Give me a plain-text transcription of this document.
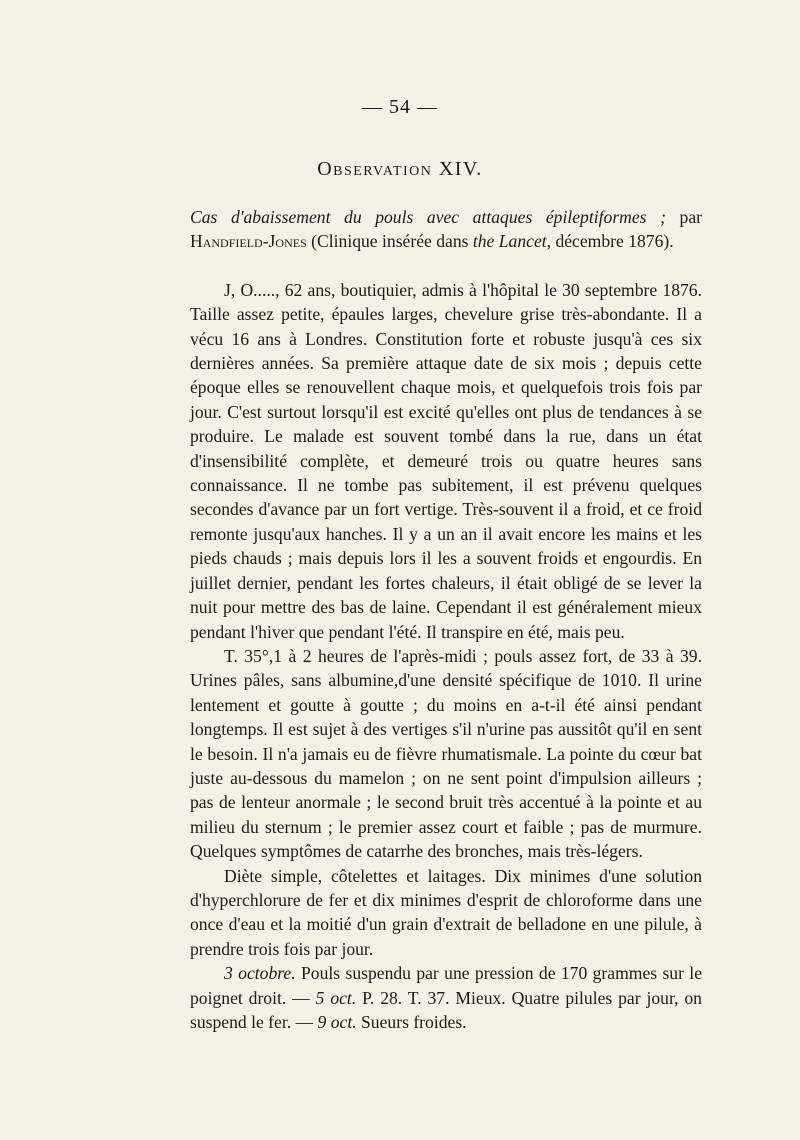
— 54 —
Observation XIV.

Cas d'abaissement du pouls avec attaques épileptiformes ; par Handfield-Jones (Clinique insérée dans the Lancet, décembre 1876).

J, O....., 62 ans, boutiquier, admis à l'hôpital le 30 septembre 1876. Taille assez petite, épaules larges, chevelure grise très-abondante. Il a vécu 16 ans à Londres. Constitution forte et robuste jusqu'à ces six dernières années. Sa première attaque date de six mois ; depuis cette époque elles se renouvellent chaque mois, et quelquefois trois fois par jour. C'est surtout lorsqu'il est excité qu'elles ont plus de tendances à se produire. Le malade est souvent tombé dans la rue, dans un état d'insensibilité complète, et demeuré trois ou quatre heures sans connaissance. Il ne tombe pas subitement, il est prévenu quelques secondes d'avance par un fort vertige. Très-souvent il a froid, et ce froid remonte jusqu'aux hanches. Il y a un an il avait encore les mains et les pieds chauds ; mais depuis lors il les a souvent froids et engourdis. En juillet dernier, pendant les fortes chaleurs, il était obligé de se lever la nuit pour mettre des bas de laine. Cependant il est généralement mieux pendant l'hiver que pendant l'été. Il transpire en été, mais peu.

T. 35°,1 à 2 heures de l'après-midi ; pouls assez fort, de 33 à 39. Urines pâles, sans albumine,d'une densité spécifique de 1010. Il urine lentement et goutte à goutte ; du moins en a-t-il été ainsi pendant longtemps. Il est sujet à des vertiges s'il n'urine pas aussitôt qu'il en sent le besoin. Il n'a jamais eu de fièvre rhumatismale. La pointe du cœur bat juste au-dessous du mamelon ; on ne sent point d'impulsion ailleurs ; pas de lenteur anormale ; le second bruit très accentué à la pointe et au milieu du sternum ; le premier assez court et faible ; pas de murmure. Quelques symptômes de catarrhe des bronches, mais très-légers.

Diète simple, côtelettes et laitages. Dix minimes d'une solution d'hyperchlorure de fer et dix minimes d'esprit de chloroforme dans une once d'eau et la moitié d'un grain d'extrait de belladone en une pilule, à prendre trois fois par jour.

3 octobre. Pouls suspendu par une pression de 170 grammes sur le poignet droit. — 5 oct. P. 28. T. 37. Mieux. Quatre pilules par jour, on suspend le fer. — 9 oct. Sueurs froides.
